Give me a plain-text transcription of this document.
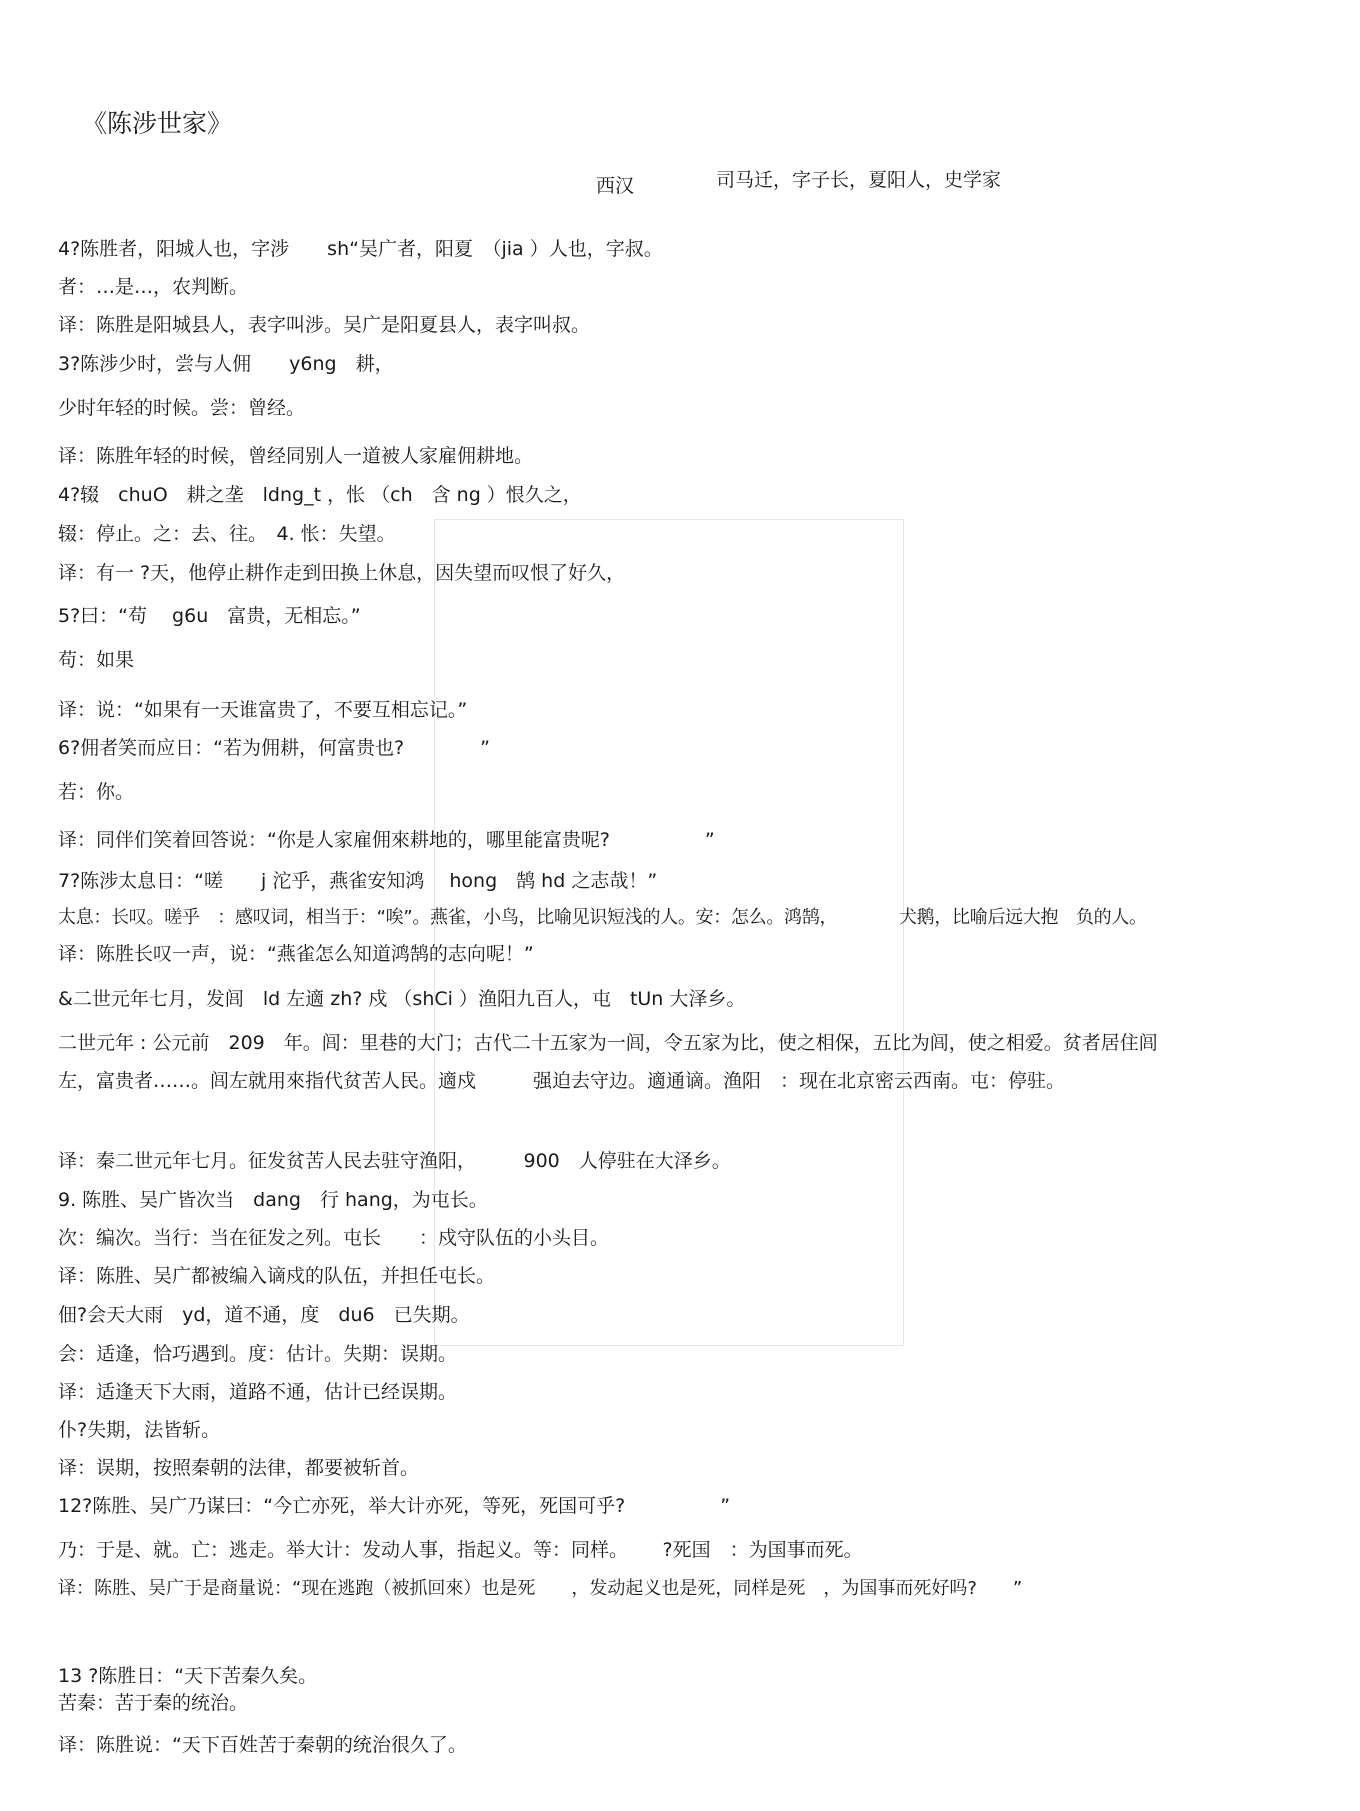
《陈涉世家》
西汉	司马迁，字子长，夏阳人，史学家
4?陈胜者，阳城人也，字涉　　sh“吴广者，阳夏　（jia ）人也，字叔。
者：…是…，农判断。
译：陈胜是阳城县人，表字叫涉。吴广是阳夏县人，表字叫叔。
3?陈涉少时，尝与人佣　　y6ng　耕，
少时年轻的时候。尝：曾经。
译：陈胜年轻的时候，曾经同别人一道被人家雇佣耕地。
4?辍　chuO　耕之垄　ldng_t ，怅 （ch　含 ng ）恨久之，
辍：停止。之：去、往。　4. 怅：失望。
译：有一 ?天，他停止耕作走到田换上休息，因失望而叹恨了好久，
5?曰：“苟　 g6u　富贵，无相忘。”
苟：如果
译：说：“如果有一天谁富贵了，不要互相忘记。”
6?佣者笑而应日：“若为佣耕，何富贵也?　　　　”
若：你。
译：同伴们笑着回答说：“你是人家雇佣來耕地的，哪里能富贵呢?　　　　　”
7?陈涉太息日：“嗟　　j 沱乎，燕雀安知鸿　 hong　鹄 hd 之志哉！”
太息：长叹。嗟乎　：感叹词，相当于：“唉”。燕雀，小鸟，比喻见识短浅的人。安：怎么。鸿鹄，　　　　犬鹅，比喻后远大抱　负的人。
译：陈胜长叹一声，说：“燕雀怎么知道鸿鹄的志向呢！”
&二世元年七月，发闾　ld 左適 zh? 戍 （shCi ）渔阳九百人，屯　tUn 大泽乡。
二世元年 : 公元前　209　年。闾：里巷的大门；古代二十五家为一闾，令五家为比，使之相保，五比为闾，使之相爱。贫者居住闾
左，富贵者……。闾左就用來指代贫苦人民。適戍　　　强迫去守边。適通谪。渔阳　：现在北京密云西南。屯：停驻。
译：秦二世元年七月。征发贫苦人民去驻守渔阳，　　　900　人停驻在大泽乡。
9. 陈胜、吴广皆次当　dang　行 hang，为屯长。
次：编次。当行：当在征发之列。屯长　　：戍守队伍的小头目。
译：陈胜、吴广都被编入谪戍的队伍，并担任屯长。
佃?会天大雨　yd，道不通，度　du6　已失期。
会：适逢，恰巧遇到。度：估计。失期：误期。
译：适逢天下大雨，道路不通，估计已经误期。
仆?失期，法皆斩。
译：误期，按照秦朝的法律，都要被斩首。
12?陈胜、吴广乃谋曰：“今亡亦死，举大计亦死，等死，死国可乎?　　　　　”
乃：于是、就。亡：逃走。举大计：发动人事，指起义。等：同样。　　 ?死国　：为国事而死。
译：陈胜、吴广于是商量说：“现在逃跑（被抓回來）也是死　　，发动起义也是死，同样是死　，为国事而死好吗?　　”
13 ?陈胜日：“天下苦秦久矣。
苦秦：苦于秦的统治。
译：陈胜说：“天下百姓苦于秦朝的统治很久了。
